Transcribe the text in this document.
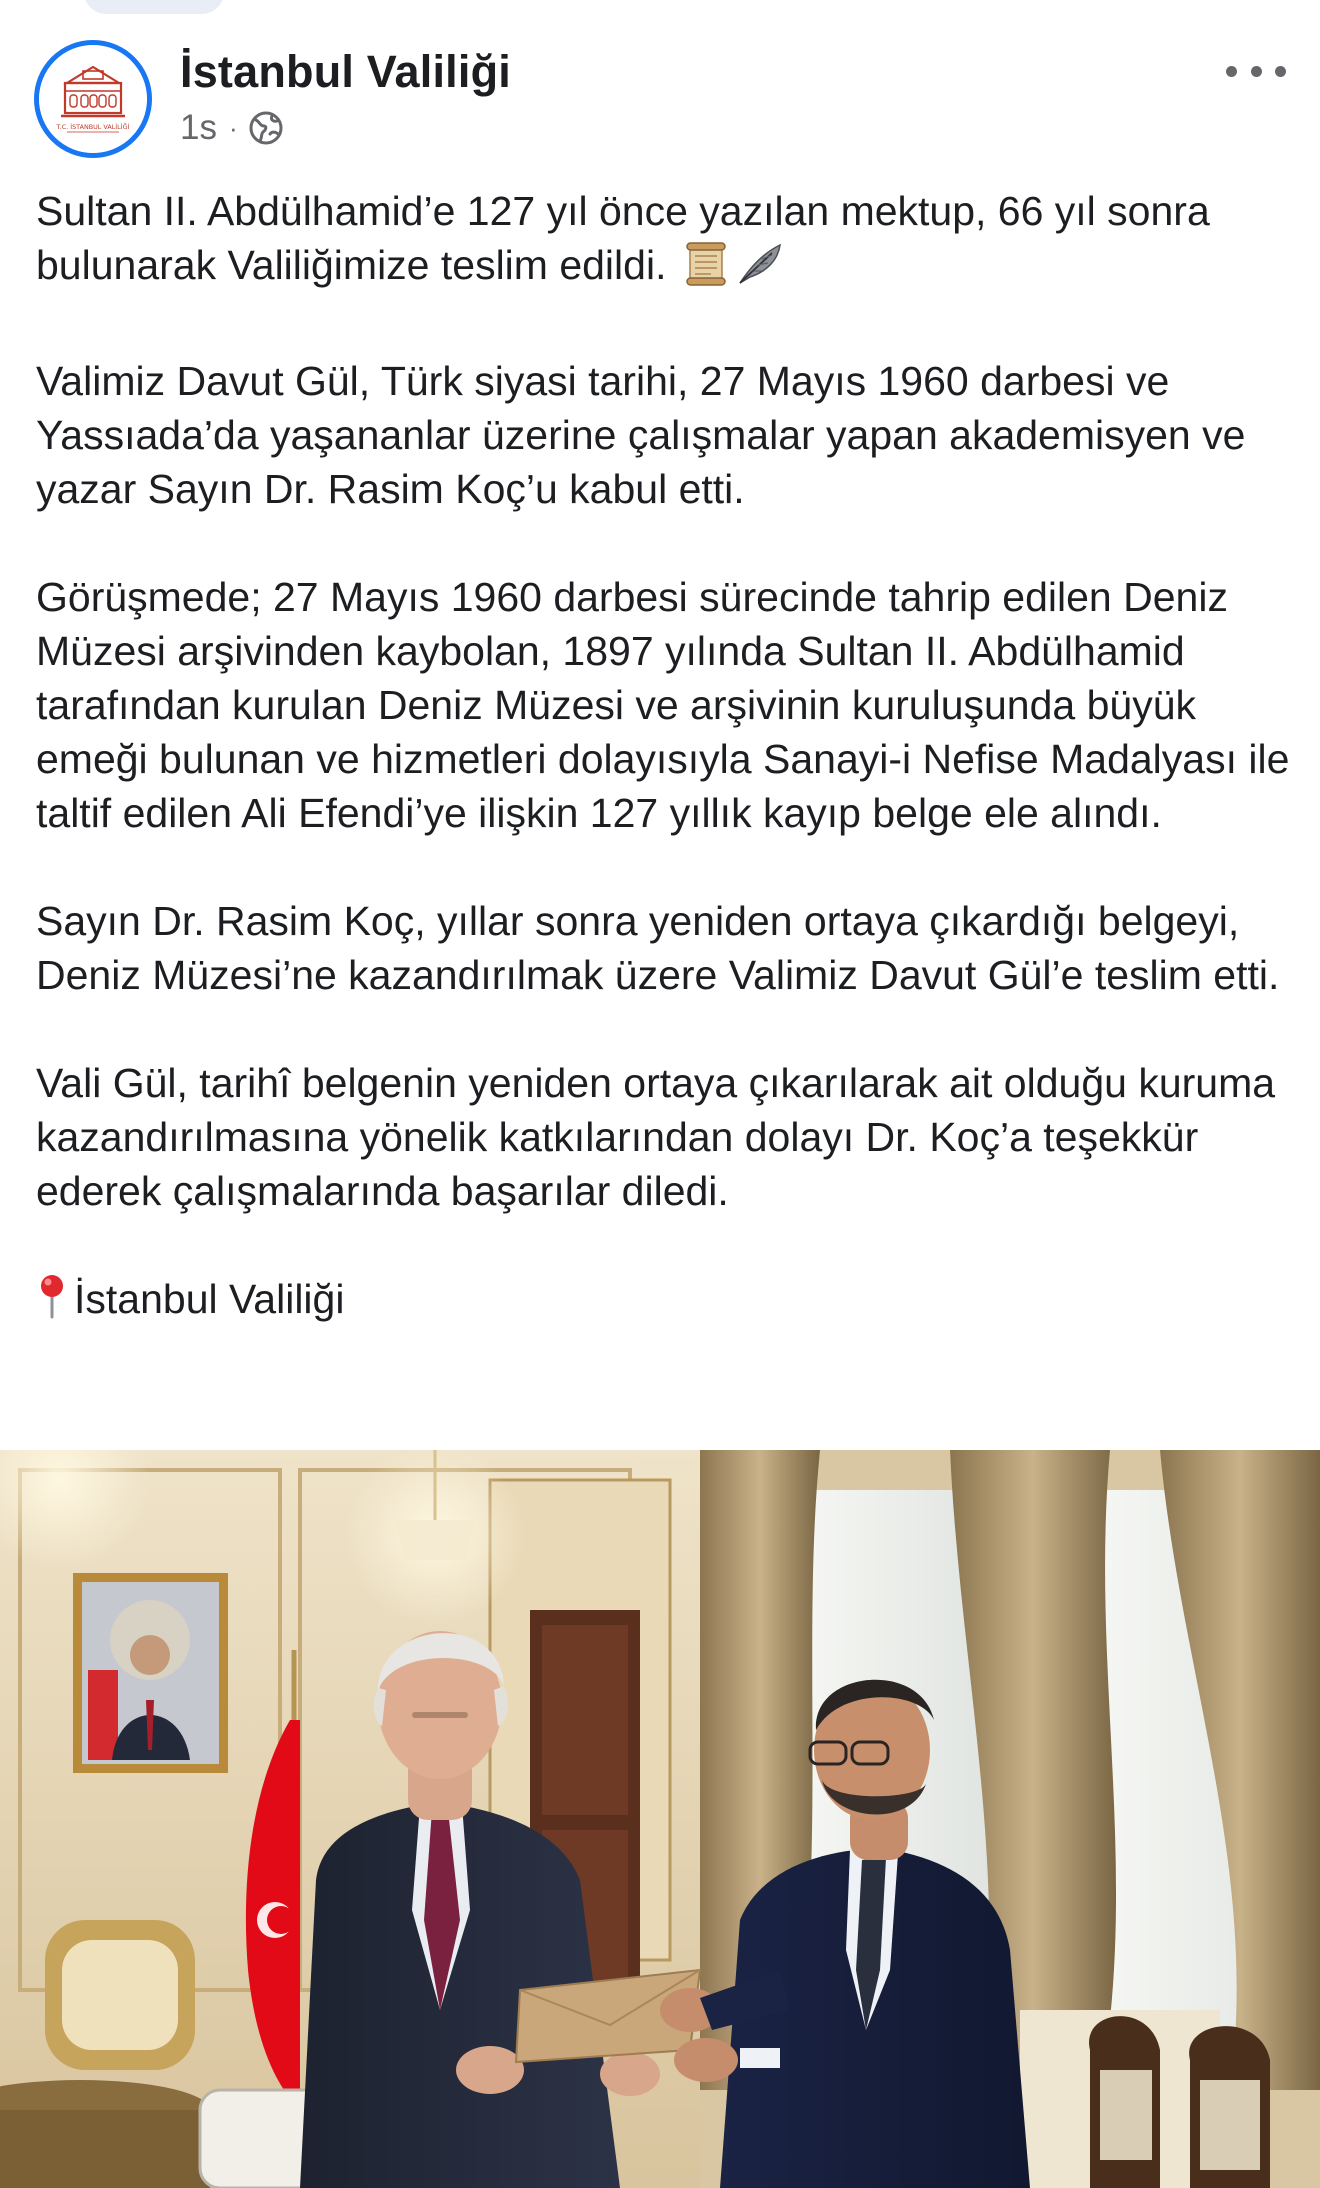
T.C. İSTANBUL VALİLİĞİ
İstanbul Valiliği
1s ·

Sultan II. Abdülhamid’e 127 yıl önce yazılan mektup, 66 yıl sonra bulunarak Valiliğimize teslim edildi.

Valimiz Davut Gül, Türk siyasi tarihi, 27 Mayıs 1960 darbesi ve Yassıada’da yaşananlar üzerine çalışmalar yapan akademisyen ve yazar Sayın Dr. Rasim Koç’u kabul etti.

Görüşmede; 27 Mayıs 1960 darbesi sürecinde tahrip edilen Deniz Müzesi arşivinden kaybolan, 1897 yılında Sultan II. Abdülhamid tarafından kurulan Deniz Müzesi ve arşivinin kuruluşunda büyük emeği bulunan ve hizmetleri dolayısıyla Sanayi-i Nefise Madalyası ile taltif edilen Ali Efendi’ye ilişkin 127 yıllık kayıp belge ele alındı.

Sayın Dr. Rasim Koç, yıllar sonra yeniden ortaya çıkardığı belgeyi, Deniz Müzesi’ne kazandırılmak üzere Valimiz Davut Gül’e teslim etti.

Vali Gül, tarihî belgenin yeniden ortaya çıkarılarak ait olduğu kuruma kazandırılmasına yönelik katkılarından dolayı Dr. Koç’a teşekkür ederek çalışmalarında başarılar diledi.

İstanbul Valiliği
